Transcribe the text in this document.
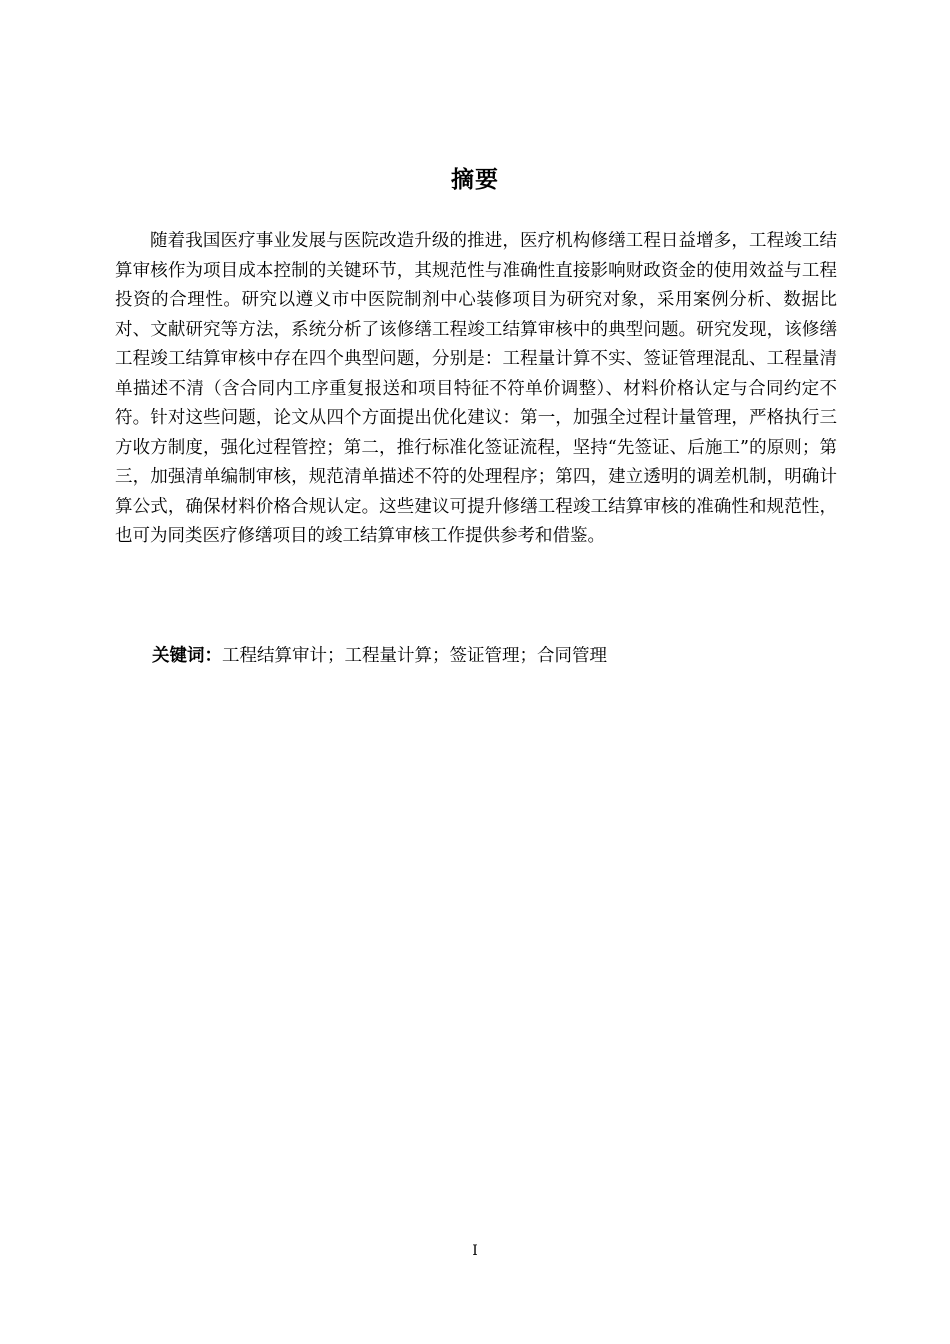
摘要

随着我国医疗事业发展与医院改造升级的推进，医疗机构修缮工程日益增多，工程竣工结算审核作为项目成本控制的关键环节，其规范性与准确性直接影响财政资金的使用效益与工程投资的合理性。研究以遵义市中医院制剂中心装修项目为研究对象，采用案例分析、数据比对、文献研究等方法，系统分析了该修缮工程竣工结算审核中的典型问题。研究发现，该修缮工程竣工结算审核中存在四个典型问题，分别是：工程量计算不实、签证管理混乱、工程量清单描述不清（含合同内工序重复报送和项目特征不符单价调整）、材料价格认定与合同约定不符。针对这些问题，论文从四个方面提出优化建议：第一，加强全过程计量管理，严格执行三方收方制度，强化过程管控；第二，推行标准化签证流程，坚持“先签证、后施工”的原则；第三，加强清单编制审核，规范清单描述不符的处理程序；第四，建立透明的调差机制，明确计算公式，确保材料价格合规认定。这些建议可提升修缮工程竣工结算审核的准确性和规范性，也可为同类医疗修缮项目的竣工结算审核工作提供参考和借鉴。

关键词：工程结算审计；工程量计算；签证管理；合同管理

I
